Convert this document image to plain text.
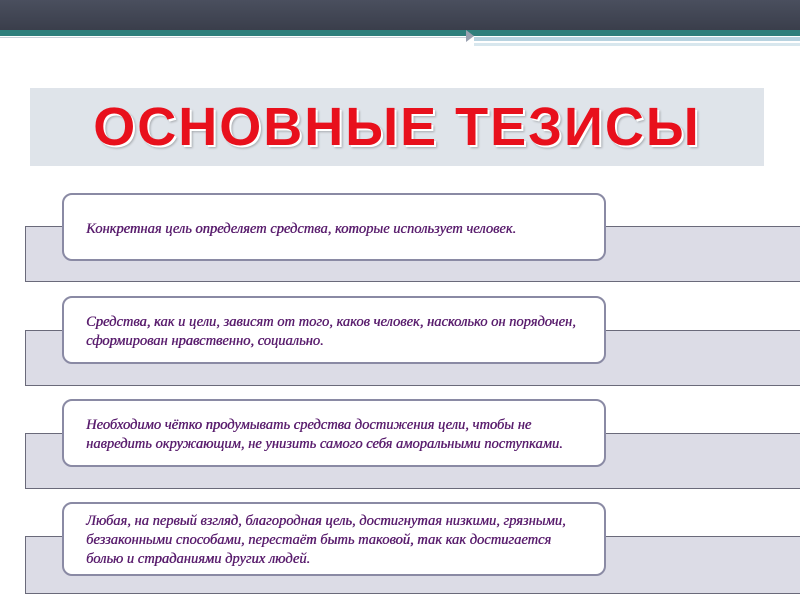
ОСНОВНЫЕ ТЕЗИСЫ
Конкретная цель определяет средства, которые использует человек.
Средства, как и цели, зависят от того, каков человек, насколько он порядочен, сформирован нравственно, социально.
Необходимо чётко продумывать средства достижения цели, чтобы не навредить окружающим, не унизить самого себя аморальными поступками.
Любая, на первый взгляд, благородная цель, достигнутая низкими, грязными, беззаконными способами, перестаёт быть таковой, так как достигается болью и страданиями других людей.
